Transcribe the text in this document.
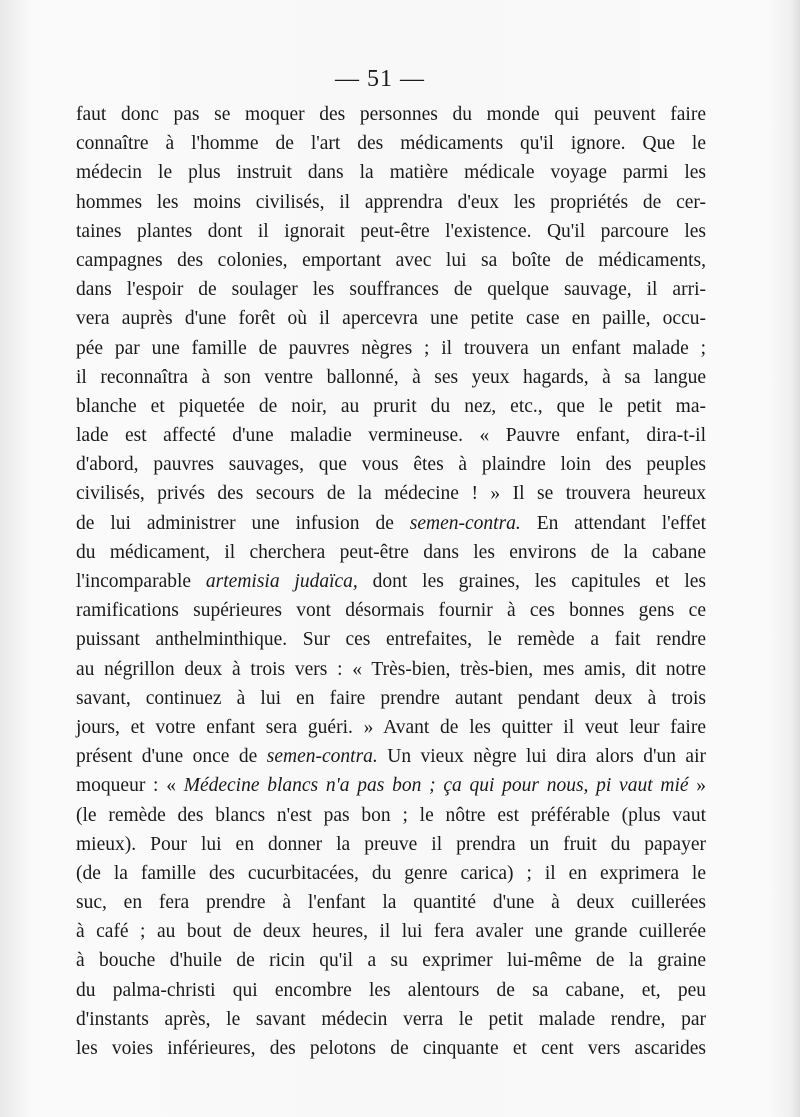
— 51 —
faut donc pas se moquer des personnes du monde qui peuvent faire
connaître à l'homme de l'art des médicaments qu'il ignore. Que le
médecin le plus instruit dans la matière médicale voyage parmi les
hommes les moins civilisés, il apprendra d'eux les propriétés de cer-
taines plantes dont il ignorait peut-être l'existence. Qu'il parcoure les
campagnes des colonies, emportant avec lui sa boîte de médicaments,
dans l'espoir de soulager les souffrances de quelque sauvage, il arri-
vera auprès d'une forêt où il apercevra une petite case en paille, occu-
pée par une famille de pauvres nègres ; il trouvera un enfant malade ;
il reconnaîtra à son ventre ballonné, à ses yeux hagards, à sa langue
blanche et piquetée de noir, au prurit du nez, etc., que le petit ma-
lade est affecté d'une maladie vermineuse. « Pauvre enfant, dira-t-il
d'abord, pauvres sauvages, que vous êtes à plaindre loin des peuples
civilisés, privés des secours de la médecine ! » Il se trouvera heureux
de lui administrer une infusion de semen-contra. En attendant l'effet
du médicament, il cherchera peut-être dans les environs de la cabane
l'incomparable artemisia judaïca, dont les graines, les capitules et les
ramifications supérieures vont désormais fournir à ces bonnes gens ce
puissant anthelminthique. Sur ces entrefaites, le remède a fait rendre
au négrillon deux à trois vers : « Très-bien, très-bien, mes amis, dit notre
savant, continuez à lui en faire prendre autant pendant deux à trois
jours, et votre enfant sera guéri. » Avant de les quitter il veut leur faire
présent d'une once de semen-contra. Un vieux nègre lui dira alors d'un air
moqueur : « Médecine blancs n'a pas bon ; ça qui pour nous, pi vaut mié »
(le remède des blancs n'est pas bon ; le nôtre est préférable (plus vaut
mieux). Pour lui en donner la preuve il prendra un fruit du papayer
(de la famille des cucurbitacées, du genre carica) ; il en exprimera le
suc, en fera prendre à l'enfant la quantité d'une à deux cuillerées
à café ; au bout de deux heures, il lui fera avaler une grande cuillerée
à bouche d'huile de ricin qu'il a su exprimer lui-même de la graine
du palma-christi qui encombre les alentours de sa cabane, et, peu
d'instants après, le savant médecin verra le petit malade rendre, par
les voies inférieures, des pelotons de cinquante et cent vers ascarides
